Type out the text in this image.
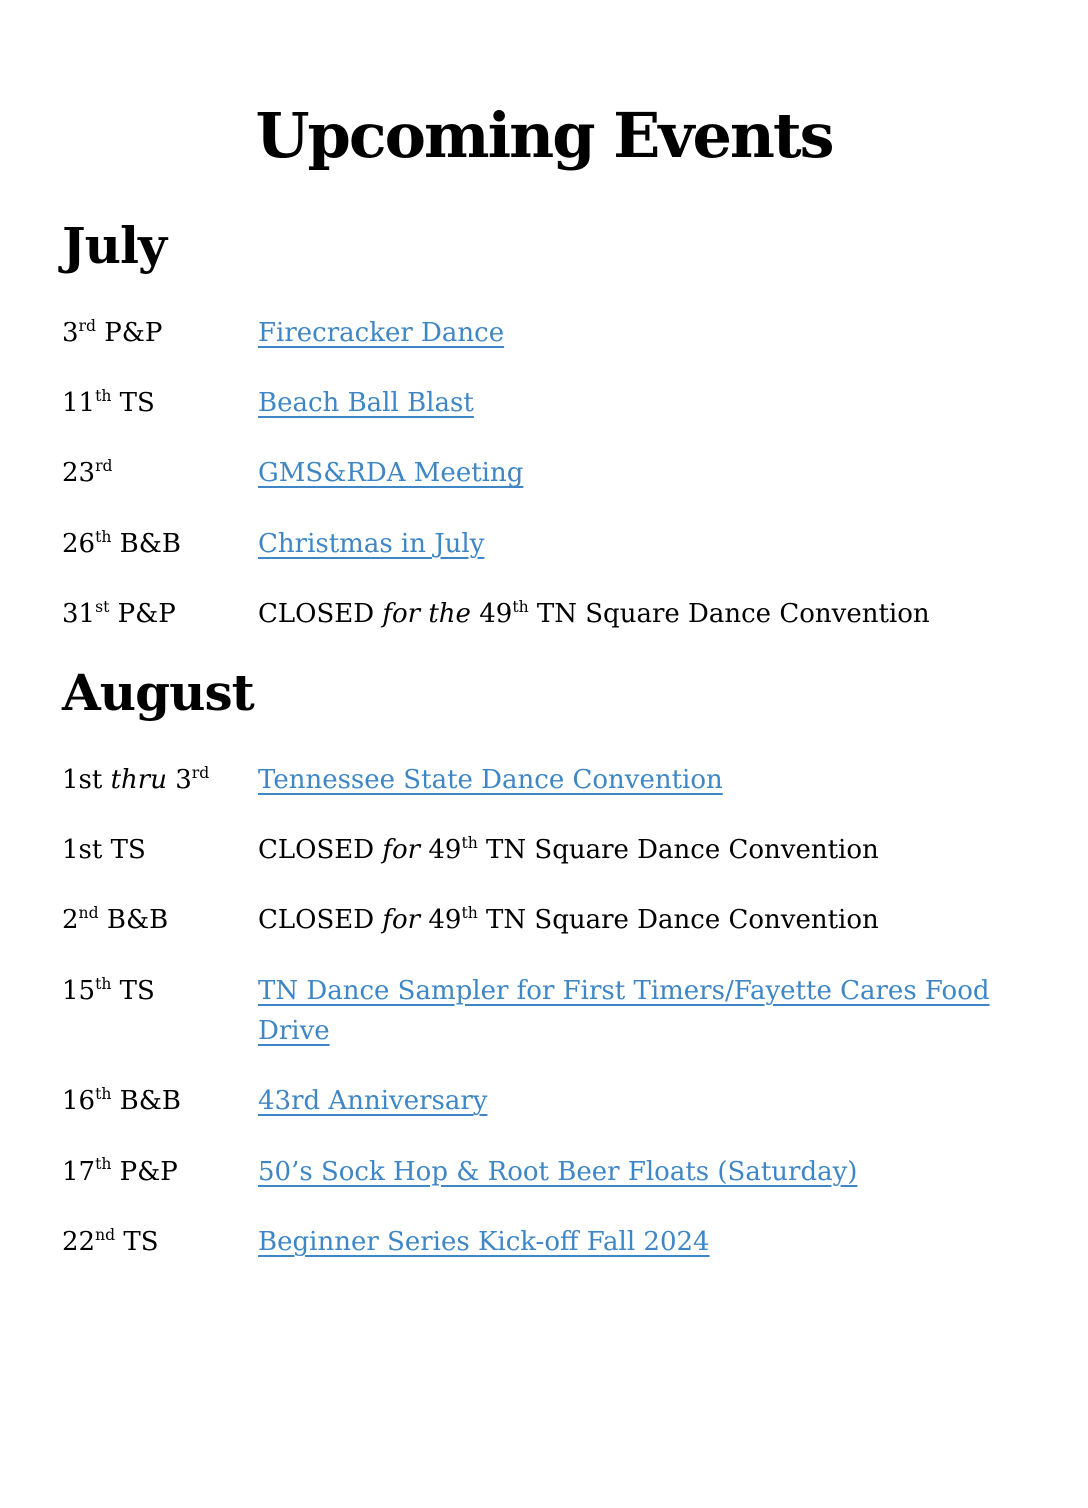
Upcoming Events
July
3rd P&P	Firecracker Dance
11th TS	Beach Ball Blast
23rd	GMS&RDA Meeting
26th B&B	Christmas in July
31st P&P	CLOSED for the 49th TN Square Dance Convention
August
1st thru 3rd	Tennessee State Dance Convention
1st TS	CLOSED for 49th TN Square Dance Convention
2nd B&B	CLOSED for 49th TN Square Dance Convention
15th TS	TN Dance Sampler for First Timers/Fayette Cares Food Drive
16th B&B	43rd Anniversary
17th P&P	50’s Sock Hop & Root Beer Floats (Saturday)
22nd TS	Beginner Series Kick-off Fall 2024
